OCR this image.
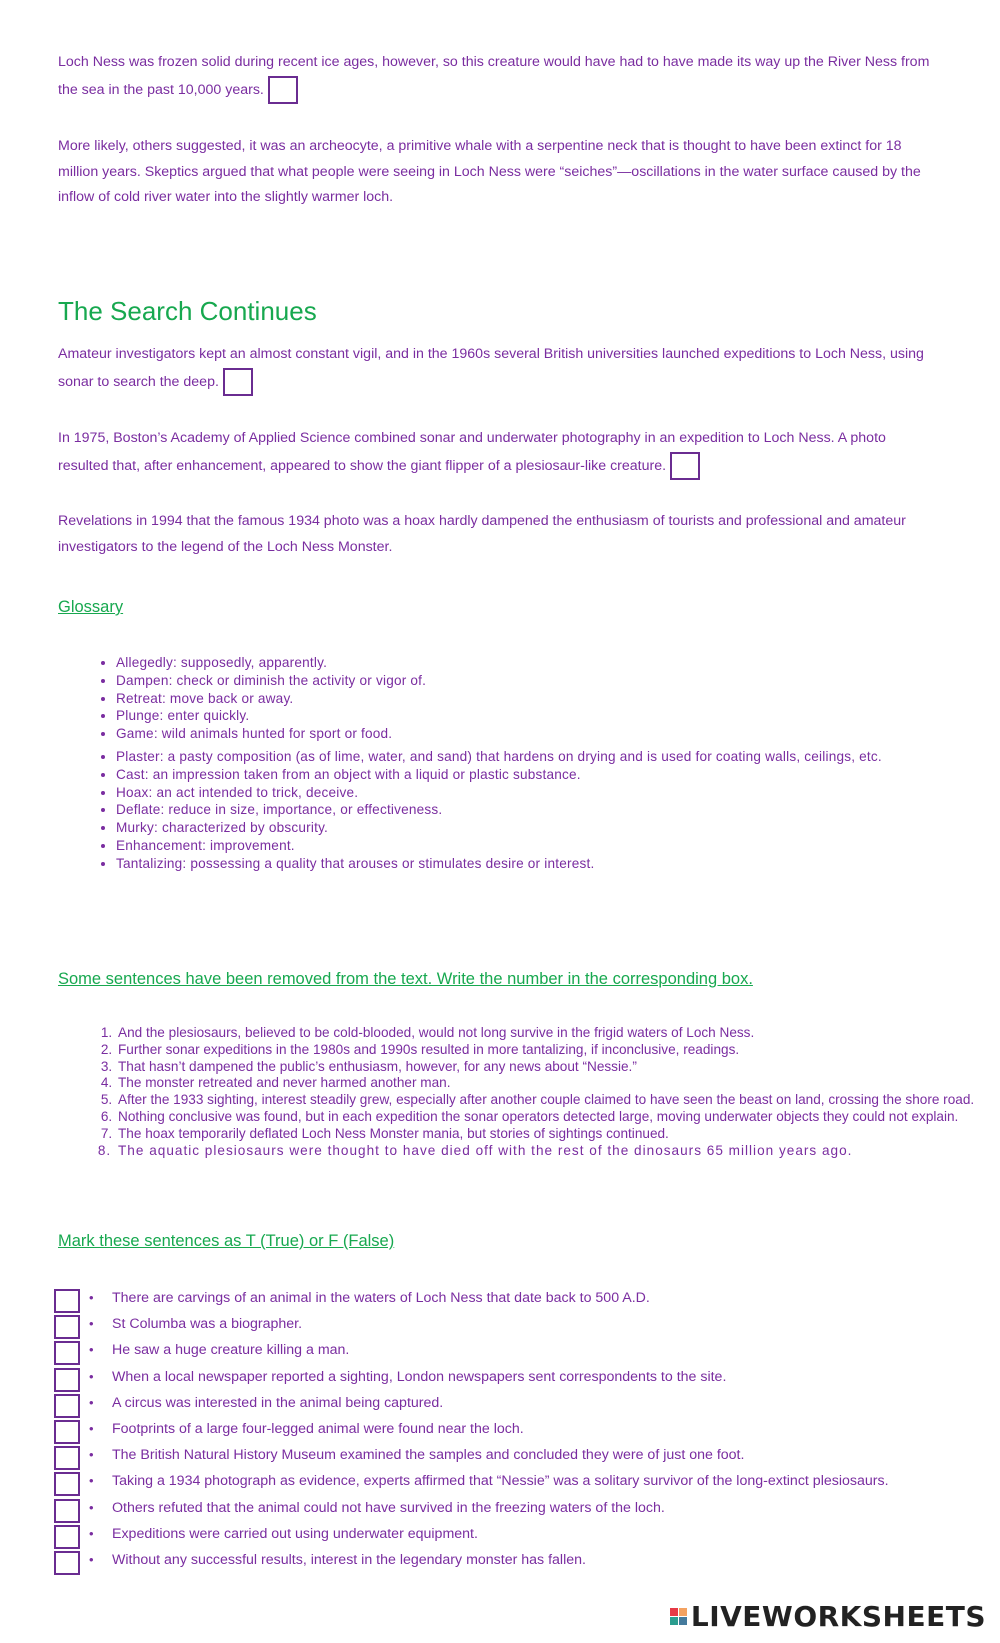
Loch Ness was frozen solid during recent ice ages, however, so this creature would have had to have made its way up the River Ness from the sea in the past 10,000 years.

More likely, others suggested, it was an archeocyte, a primitive whale with a serpentine neck that is thought to have been extinct for 18 million years. Skeptics argued that what people were seeing in Loch Ness were “seiches”—oscillations in the water surface caused by the inflow of cold river water into the slightly warmer loch.

The Search Continues

Amateur investigators kept an almost constant vigil, and in the 1960s several British universities launched expeditions to Loch Ness, using sonar to search the deep.

In 1975, Boston’s Academy of Applied Science combined sonar and underwater photography in an expedition to Loch Ness. A photo resulted that, after enhancement, appeared to show the giant flipper of a plesiosaur-like creature.

Revelations in 1994 that the famous 1934 photo was a hoax hardly dampened the enthusiasm of tourists and professional and amateur investigators to the legend of the Loch Ness Monster.

Glossary
• Allegedly: supposedly, apparently.
• Dampen: check or diminish the activity or vigor of.
• Retreat: move back or away.
• Plunge: enter quickly.
• Game: wild animals hunted for sport or food.
• Plaster: a pasty composition (as of lime, water, and sand) that hardens on drying and is used for coating walls, ceilings, etc.
• Cast: an impression taken from an object with a liquid or plastic substance.
• Hoax: an act intended to trick, deceive.
• Deflate: reduce in size, importance, or effectiveness.
• Murky: characterized by obscurity.
• Enhancement: improvement.
• Tantalizing: possessing a quality that arouses or stimulates desire or interest.
Some sentences have been removed from the text. Write the number in the corresponding box.
1. And the plesiosaurs, believed to be cold-blooded, would not long survive in the frigid waters of Loch Ness.
2. Further sonar expeditions in the 1980s and 1990s resulted in more tantalizing, if inconclusive, readings.
3. That hasn’t dampened the public’s enthusiasm, however, for any news about “Nessie.”
4. The monster retreated and never harmed another man.
5. After the 1933 sighting, interest steadily grew, especially after another couple claimed to have seen the beast on land, crossing the shore road.
6. Nothing conclusive was found, but in each expedition the sonar operators detected large, moving underwater objects they could not explain.
7. The hoax temporarily deflated Loch Ness Monster mania, but stories of sightings continued.
8. The aquatic plesiosaurs were thought to have died off with the rest of the dinosaurs 65 million years ago.
Mark these sentences as T (True) or F (False)
• There are carvings of an animal in the waters of Loch Ness that date back to 500 A.D.
• St Columba was a biographer.
• He saw a huge creature killing a man.
• When a local newspaper reported a sighting, London newspapers sent correspondents to the site.
• A circus was interested in the animal being captured.
• Footprints of a large four-legged animal were found near the loch.
• The British Natural History Museum examined the samples and concluded they were of just one foot.
• Taking a 1934 photograph as evidence, experts affirmed that “Nessie” was a solitary survivor of the long-extinct plesiosaurs.
• Others refuted that the animal could not have survived in the freezing waters of the loch.
• Expeditions were carried out using underwater equipment.
• Without any successful results, interest in the legendary monster has fallen.
LIVEWORKSHEETS
